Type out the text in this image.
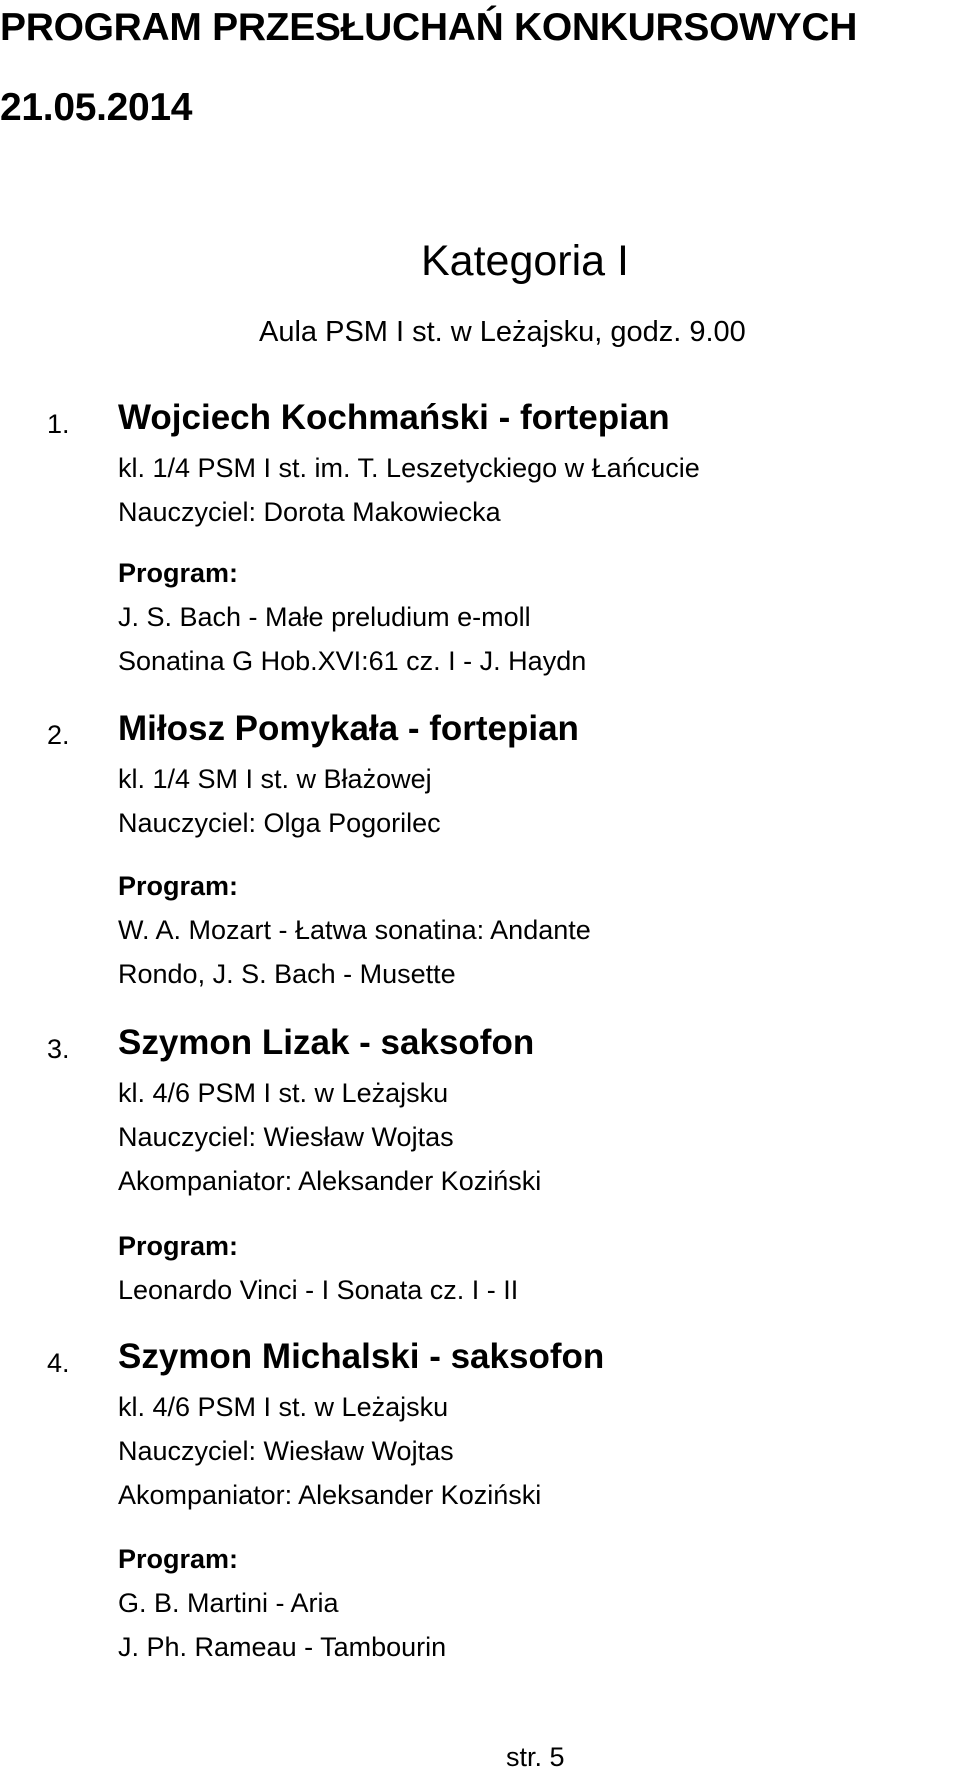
PROGRAM PRZESŁUCHAŃ KONKURSOWYCH
21.05.2014
Kategoria I
Aula PSM I st. w Leżajsku, godz. 9.00
1. Wojciech Kochmański - fortepian
kl. 1/4 PSM I st. im. T. Leszetyckiego w Łańcucie
Nauczyciel: Dorota Makowiecka
Program:
J. S. Bach - Małe preludium e-moll
Sonatina G Hob.XVI:61 cz. I - J. Haydn
2. Miłosz Pomykała - fortepian
kl. 1/4 SM I st. w Błażowej
Nauczyciel: Olga Pogorilec
Program:
W. A. Mozart - Łatwa sonatina: Andante
Rondo, J. S. Bach - Musette
3. Szymon Lizak - saksofon
kl. 4/6 PSM I st. w Leżajsku
Nauczyciel: Wiesław Wojtas
Akompaniator: Aleksander Koziński
Program:
Leonardo Vinci - I Sonata cz. I - II
4. Szymon Michalski - saksofon
kl. 4/6 PSM I st. w Leżajsku
Nauczyciel: Wiesław Wojtas
Akompaniator: Aleksander Koziński
Program:
G. B. Martini - Aria
J. Ph. Rameau - Tambourin
str. 5
